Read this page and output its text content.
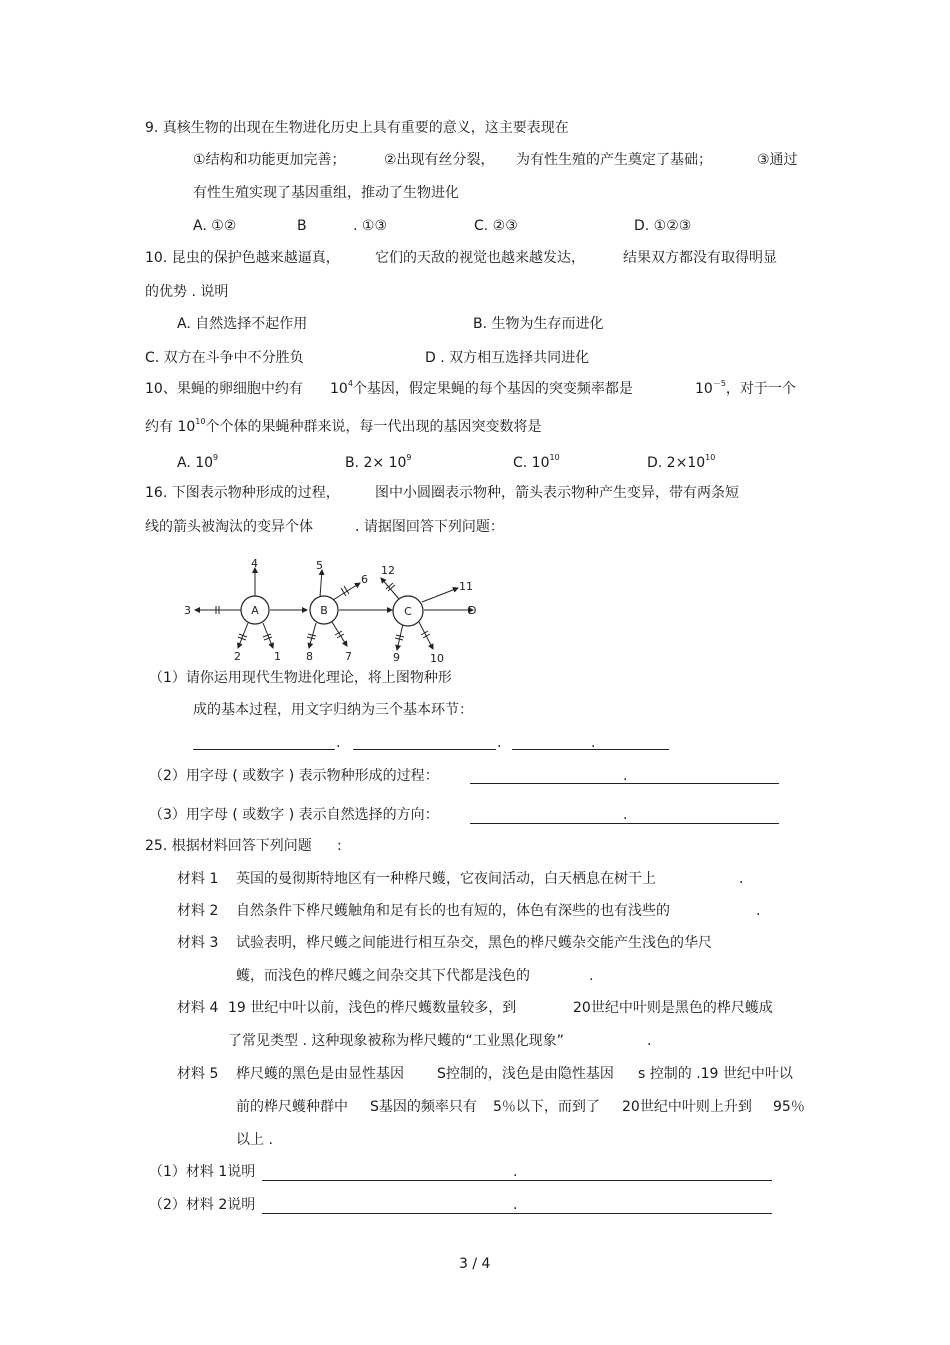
9. 真核生物的出现在生物进化历史上具有重要的意义，这主要表现在
①结构和功能更加完善；	②出现有丝分裂， 为有性生殖的产生奠定了基础；	③通过
有性生殖实现了基因重组，推动了生物进化
A. ①②	B	. ①③	C. ②③	D. ①②③
10. 昆虫的保护色越来越逼真，	它们的天敌的视觉也越来越发达，	结果双方都没有取得明显
的优势 . 说明
A. 自然选择不起作用	B. 生物为生存而进化
C. 双方在斗争中不分胜负	D . 双方相互选择共同进化
10、果蝇的卵细胞中约有 $10^4$个基因，假定果蝇的每个基因的突变频率都是	$10^{-5}$，对于一个
约有 $10^{10}$个个体的果蝇种群来说，每一代出现的基因突变数将是
A. $10^9$	B. $2\times 10^9$	C. $10^{10}$	D. $2\times 10^{10}$
16. 下图表示物种形成的过程，	图中小圆圈表示物种，箭头表示物种产生变异，带有两条短
线的箭头被淘汰的变异个体	. 请据图回答下列问题：
A	B	C
1
2
3
4	5
6
7
8	9	10
11
12
D
（1）请你运用现代生物进化理论，将上图物种形
成的基本过程，用文字归纳为三个基本环节：
.	.	.
（2）用字母 ( 或数字 ) 表示物种形成的过程：	.
（3）用字母 ( 或数字 ) 表示自然选择的方向：	.
25. 根据材料回答下列问题 :
材料 1 英国的曼彻斯特地区有一种桦尺蠖，它夜间活动，白天栖息在树干上	.
材料 2 自然条件下桦尺蠖触角和足有长的也有短的，体色有深些的也有浅些的	.
材料 3 试验表明，桦尺蠖之间能进行相互杂交，黑色的桦尺蠖杂交能产生浅色的华尺
蠖，而浅色的桦尺蠖之间杂交其下代都是浅色的	.
材料 4 19 世纪中叶以前，浅色的桦尺蠖数量较多，到	20世纪中叶则是黑色的桦尺蠖成
了常见类型 . 这种现象被称为桦尺蠖的“工业黑化现象”	.
材料 5 桦尺蠖的黑色是由显性基因 S控制的，浅色是由隐性基因 s 控制的 .19 世纪中叶以
前的桦尺蠖种群中 S基因的频率只有 5％以下，而到了 20世纪中叶则上升到 95％
以上 .
（1）材料 1说明	.
（2）材料 2说明	.
3 / 4
